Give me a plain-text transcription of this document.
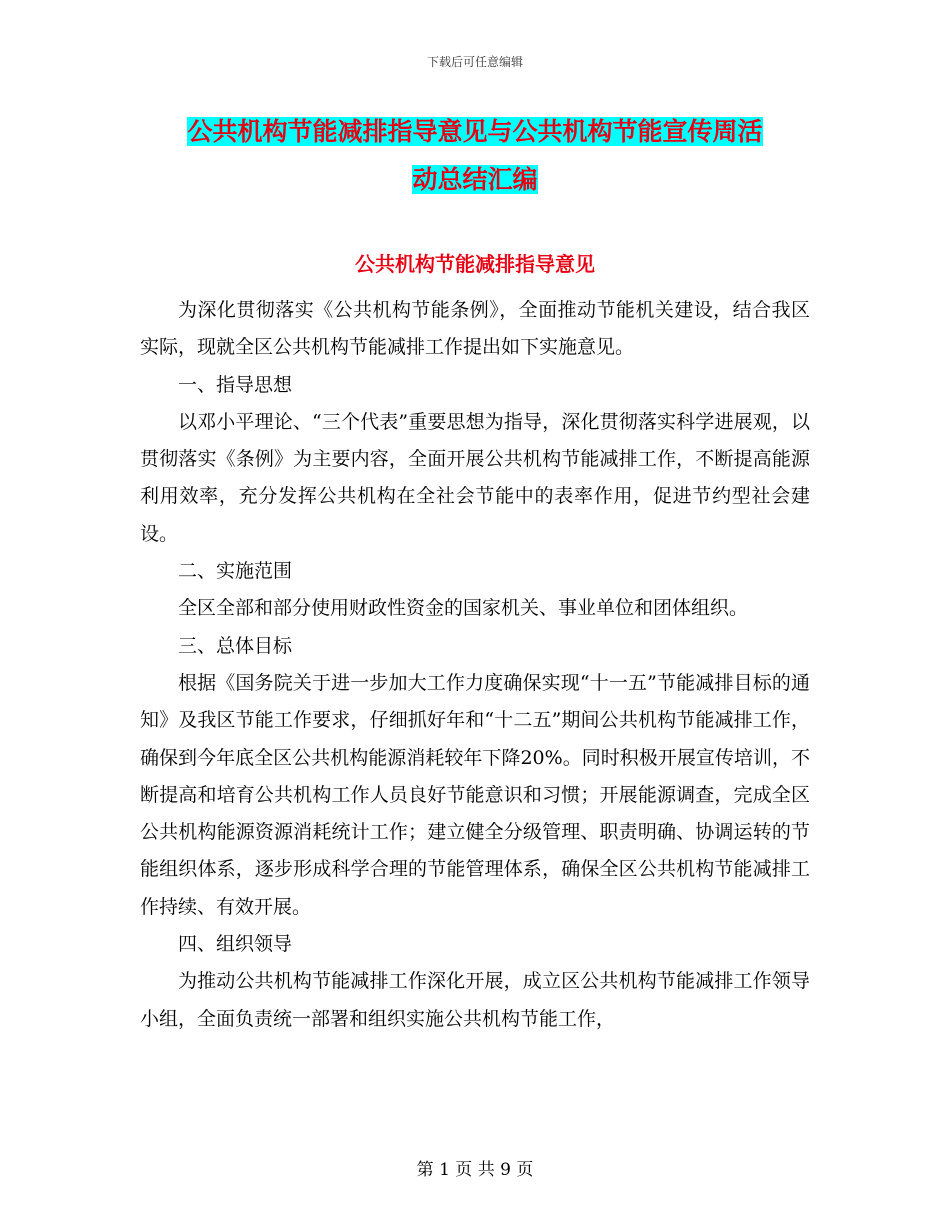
下载后可任意编辑
公共机构节能减排指导意见与公共机构节能宣传周活
动总结汇编
公共机构节能减排指导意见

为深化贯彻落实《公共机构节能条例》，全面推动节能机关建设，结合我区实际，现就全区公共机构节能减排工作提出如下实施意见。

一、指导思想

以邓小平理论、“三个代表”重要思想为指导，深化贯彻落实科学进展观，以贯彻落实《条例》为主要内容，全面开展公共机构节能减排工作，不断提高能源利用效率，充分发挥公共机构在全社会节能中的表率作用，促进节约型社会建设。

二、实施范围

全区全部和部分使用财政性资金的国家机关、事业单位和团体组织。

三、总体目标

根据《国务院关于进一步加大工作力度确保实现“十一五”节能减排目标的通知》及我区节能工作要求，仔细抓好年和“十二五”期间公共机构节能减排工作，确保到今年底全区公共机构能源消耗较年下降20%。同时积极开展宣传培训，不断提高和培育公共机构工作人员良好节能意识和习惯；开展能源调查，完成全区公共机构能源资源消耗统计工作；建立健全分级管理、职责明确、协调运转的节能组织体系，逐步形成科学合理的节能管理体系，确保全区公共机构节能减排工作持续、有效开展。

四、组织领导

为推动公共机构节能减排工作深化开展，成立区公共机构节能减排工作领导小组，全面负责统一部署和组织实施公共机构节能工作，

第 1 页 共 9 页
